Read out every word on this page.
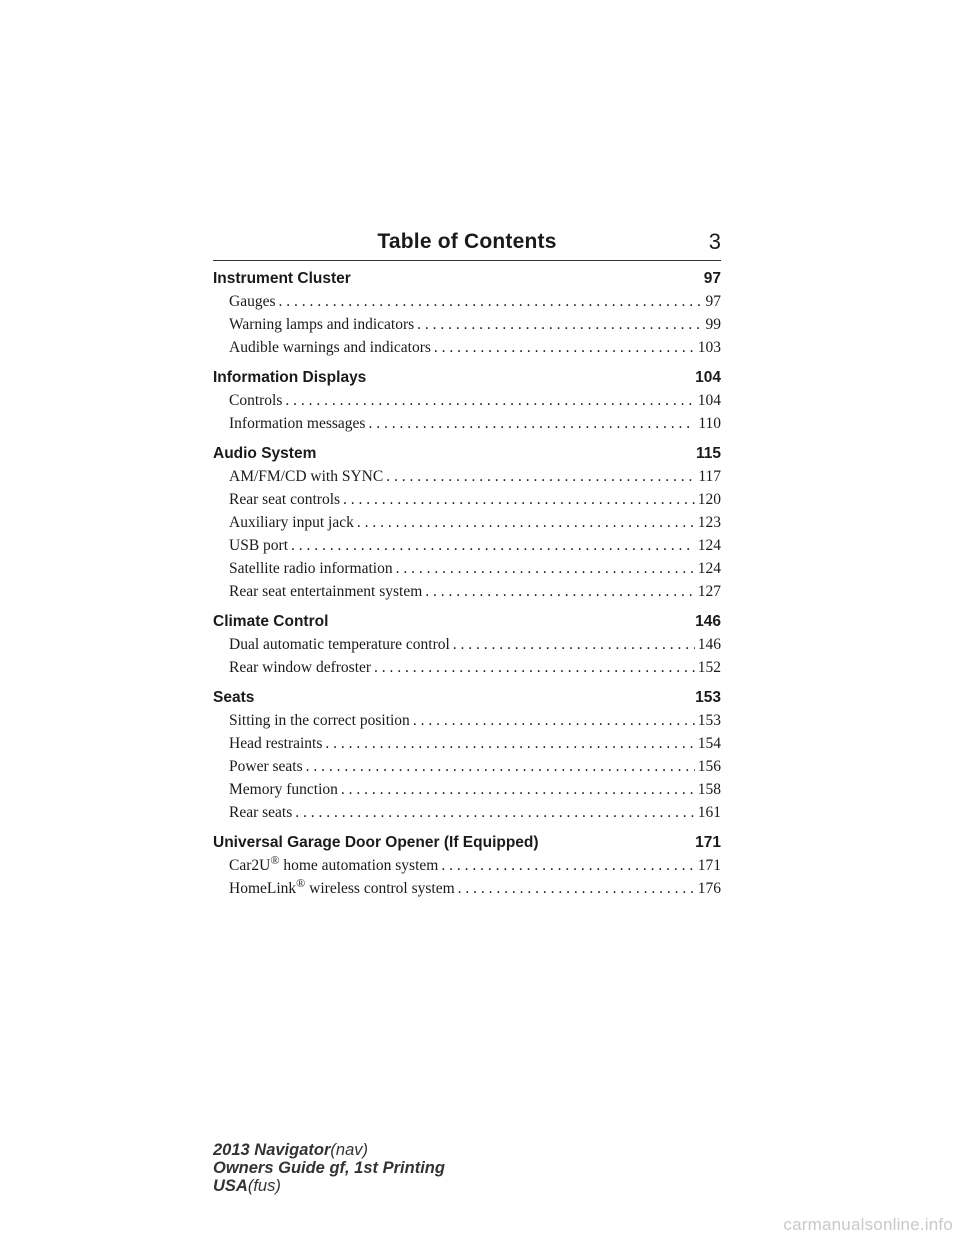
Table of Contents	3
Instrument Cluster	97
Gauges . . .	97
Warning lamps and indicators . . .	99
Audible warnings and indicators . . .	103
Information Displays	104
Controls . . .	104
Information messages . . .	110
Audio System	115
AM/FM/CD with SYNC . . .	117
Rear seat controls . . .	120
Auxiliary input jack . . .	123
USB port . . .	124
Satellite radio information . . .	124
Rear seat entertainment system . . .	127
Climate Control	146
Dual automatic temperature control . . .	146
Rear window defroster . . .	152
Seats	153
Sitting in the correct position . . .	153
Head restraints . . .	154
Power seats . . .	156
Memory function . . .	158
Rear seats . . .	161
Universal Garage Door Opener (If Equipped)	171
Car2U® home automation system . . .	171
HomeLink® wireless control system . . .	176
2013 Navigator(nav)
Owners Guide gf, 1st Printing
USA(fus)
carmanualsonline.info
